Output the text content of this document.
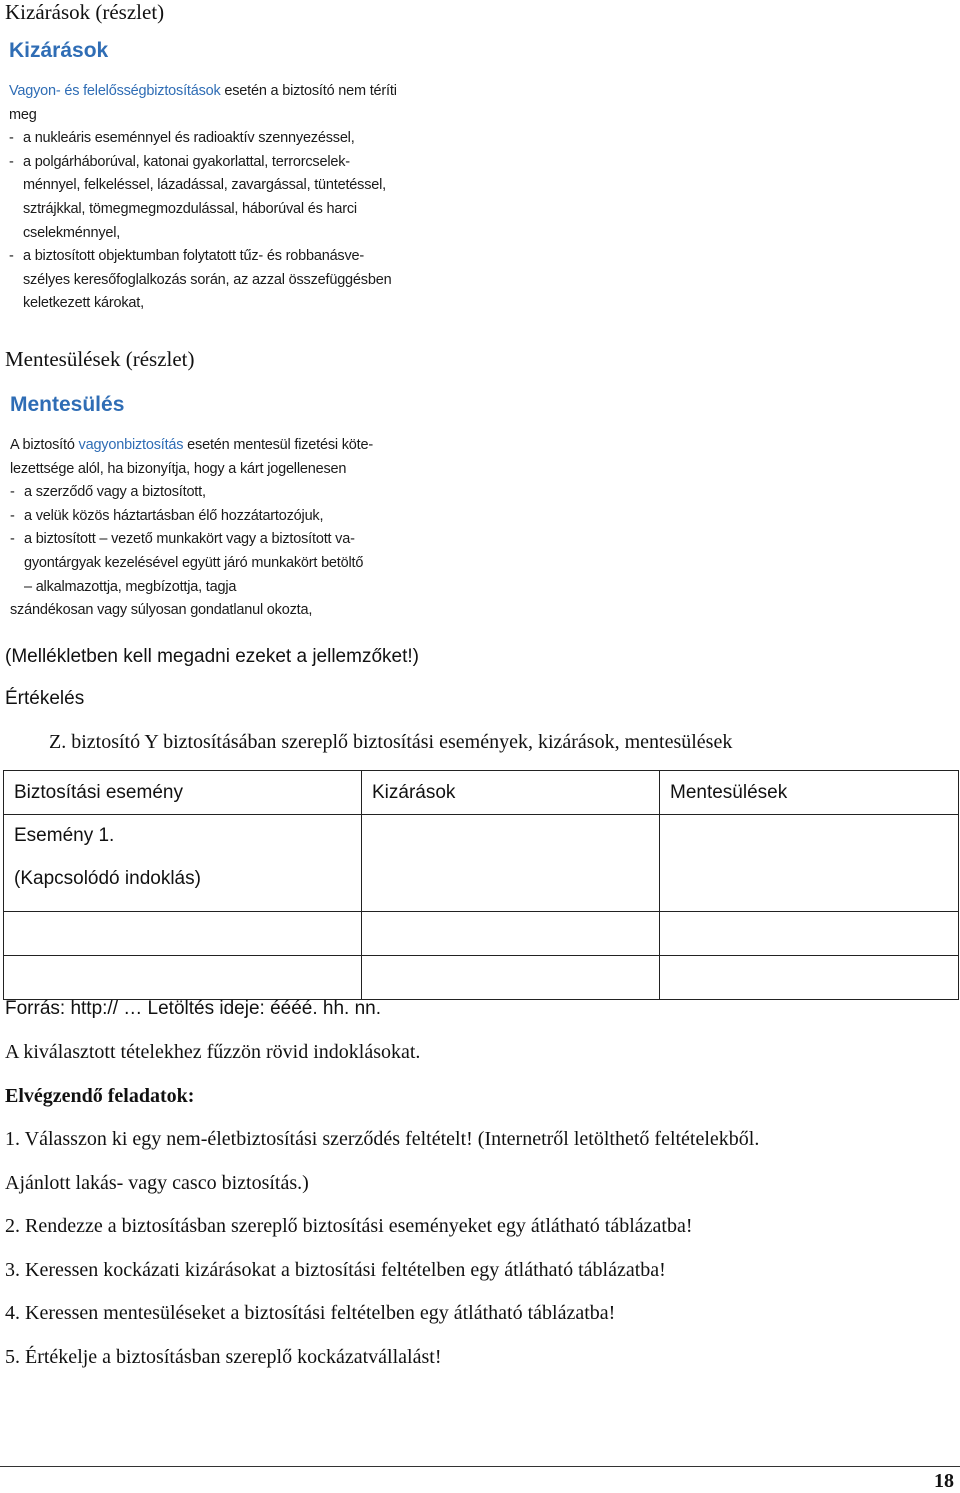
Kizárások (részlet)
Kizárások
Vagyon- és felelősségbiztosítások esetén a biztosító nem téríti
meg
- a nukleáris eseménnyel és radioaktív szennyezéssel,
- a polgárháborúval, katonai gyakorlattal, terrorcselek-
ménnyel, felkeléssel, lázadással, zavargással, tüntetéssel,
sztrájkkal, tömegmegmozdulással, háborúval és harci
cselekménnyel,
- a biztosított objektumban folytatott tűz- és robbanásve-
szélyes keresőfoglalkozás során, az azzal összefüggésben
keletkezett károkat,
Mentesülések (részlet)
Mentesülés
A biztosító vagyonbiztosítás esetén mentesül fizetési köte-
lezettsége alól, ha bizonyítja, hogy a kárt jogellenesen
- a szerződő vagy a biztosított,
- a velük közös háztartásban élő hozzátartozójuk,
- a biztosított – vezető munkakört vagy a biztosított va-
gyontárgyak kezelésével együtt járó munkakört betöltő
– alkalmazottja, megbízottja, tagja
szándékosan vagy súlyosan gondatlanul okozta,
(Mellékletben kell megadni ezeket a jellemzőket!)
Értékelés
Z. biztosító Y biztosításában szereplő biztosítási események, kizárások, mentesülések
Biztosítási esemény	Kizárások	Mentesülések

Esemény 1.
(Kapcsolódó indoklás)		

Forrás: http:// … Letöltés ideje: éééé. hh. nn.
A kiválasztott tételekhez fűzzön rövid indoklásokat.
Elvégzendő feladatok:
1. Válasszon ki egy nem-életbiztosítási szerződés feltételt! (Internetről letölthető feltételekből.
Ajánlott lakás- vagy casco biztosítás.)
2. Rendezze a biztosításban szereplő biztosítási eseményeket egy átlátható táblázatba!
3. Keressen kockázati kizárásokat a biztosítási feltételben egy átlátható táblázatba!
4. Keressen mentesüléseket a biztosítási feltételben egy átlátható táblázatba!
5. Értékelje a biztosításban szereplő kockázatvállalást!
18
